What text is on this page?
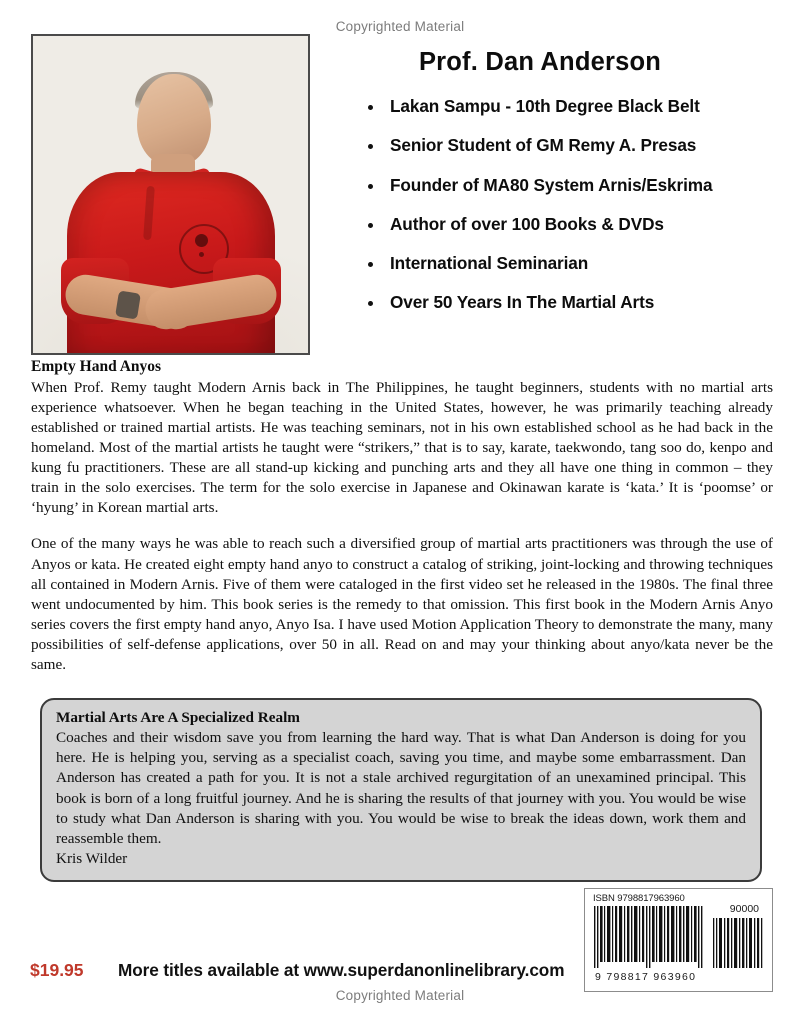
Copyrighted Material
Prof. Dan Anderson
Lakan Sampu - 10th Degree Black Belt
Senior Student of GM Remy A. Presas
Founder of MA80 System Arnis/Eskrima
Author of over 100 Books & DVDs
International Seminarian
Over 50 Years In The Martial Arts
Empty Hand Anyos

When Prof. Remy taught Modern Arnis back in The Philippines, he taught beginners, students with no martial arts experience whatsoever. When he began teaching in the United States, however, he was primarily teaching already established or trained martial artists. He was teaching seminars, not in his own established school as he had back in the homeland. Most of the martial artists he taught were “strikers,” that is to say, karate, taekwondo, tang soo do, kenpo and kung fu practitioners. These are all stand-up kicking and punching arts and they all have one thing in common – they train in the solo exercises. The term for the solo exercise in Japanese and Okinawan karate is ‘kata.’ It is ‘poomse’ or ‘hyung’ in Korean martial arts.

One of the many ways he was able to reach such a diversified group of martial arts practitioners was through the use of Anyos or kata. He created eight empty hand anyo to construct a catalog of striking, joint-locking and throwing techniques all contained in Modern Arnis. Five of them were cataloged in the first video set he released in the 1980s. The final three went undocumented by him. This book series is the remedy to that omission. This first book in the Modern Arnis Anyo series covers the first empty hand anyo, Anyo Isa. I have used Motion Application Theory to demonstrate the many, many possibilities of self-defense applications, over 50 in all. Read on and may your thinking about anyo/kata never be the same.

Martial Arts Are A Specialized Realm

Coaches and their wisdom save you from learning the hard way. That is what Dan Anderson is doing for you here. He is helping you, serving as a specialist coach, saving you time, and maybe some embarrassment. Dan Anderson has created a path for you. It is not a stale archived regurgitation of an unexamined principal. This book is born of a long fruitful journey. And he is sharing the results of that journey with you. You would be wise to study what Dan Anderson is sharing with you. You would be wise to break the ideas down, work them and reassemble them.

Kris Wilder

ISBN 9798817963960
90000
9 798817 963960
$19.95 More titles available at www.superdanonlinelibrary.com
Copyrighted Material
